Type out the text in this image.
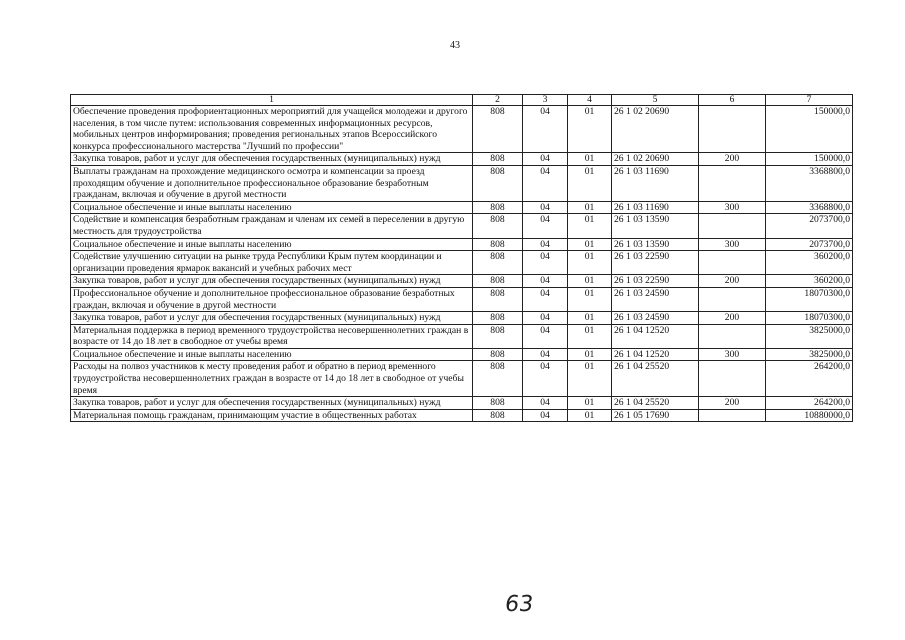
43
1	2	3	4	5	6	7
Обеспечение проведения профориентационных мероприятий для учащейся молодежи и другого населения, в том числе путем: использования современных информационных ресурсов, мобильных центров информирования; проведения региональных этапов Всероссийского конкурса профессионального мастерства "Лучший по профессии"	808	04	01	26 1 02 20690		150000,0
Закупка товаров, работ и услуг для обеспечения государственных (муниципальных) нужд	808	04	01	26 1 02 20690	200	150000,0
Выплаты гражданам на прохождение медицинского осмотра и компенсации за проезд проходящим обучение и дополнительное профессиональное образование безработным гражданам, включая и обучение в другой местности	808	04	01	26 1 03 11690		3368800,0
Социальное обеспечение и иные выплаты населению	808	04	01	26 1 03 11690	300	3368800,0
Содействие и компенсация безработным гражданам и членам их семей в переселении в другую местность для трудоустройства	808	04	01	26 1 03 13590		2073700,0
Социальное обеспечение и иные выплаты населению	808	04	01	26 1 03 13590	300	2073700,0
Содействие улучшению ситуации на рынке труда Республики Крым путем координации и организации проведения ярмарок вакансий и учебных рабочих мест	808	04	01	26 1 03 22590		360200,0
Закупка товаров, работ и услуг для обеспечения государственных (муниципальных) нужд	808	04	01	26 1 03 22590	200	360200,0
Профессиональное обучение и дополнительное профессиональное образование безработных граждан, включая и обучение в другой местности	808	04	01	26 1 03 24590		18070300,0
Закупка товаров, работ и услуг для обеспечения государственных (муниципальных) нужд	808	04	01	26 1 03 24590	200	18070300,0
Материальная поддержка в период временного трудоустройства несовершеннолетних граждан в возрасте от 14 до 18 лет в свободное от учебы время	808	04	01	26 1 04 12520		3825000,0
Социальное обеспечение и иные выплаты населению	808	04	01	26 1 04 12520	300	3825000,0
Расходы на полвоз участников к месту проведения работ и обратно в период временного трудоустройства несовершеннолетних граждан в возрасте от 14 до 18 лет в свободное от учебы время	808	04	01	26 1 04 25520		264200,0
Закупка товаров, работ и услуг для обеспечения государственных (муниципальных) нужд	808	04	01	26 1 04 25520	200	264200,0
Материальная помощь гражданам, принимающим участие в общественных работах	808	04	01	26 1 05 17690		10880000,0
63
